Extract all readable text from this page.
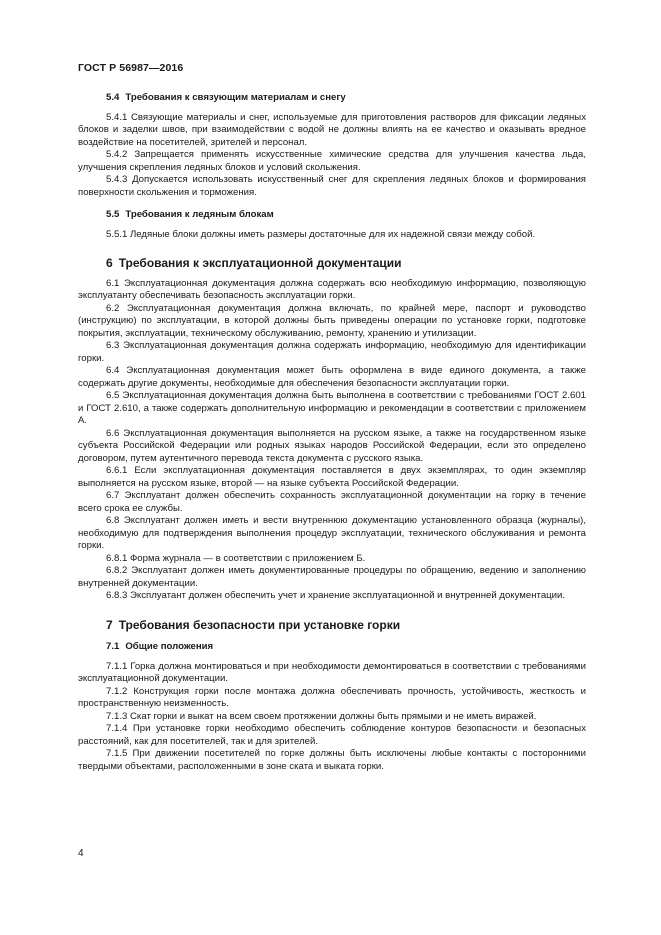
ГОСТ Р 56987—2016
5.4 Требования к связующим материалам и снегу

5.4.1 Связующие материалы и снег, используемые для приготовления растворов для фиксации ледяных блоков и заделки швов, при взаимодействии с водой не должны влиять на ее качество и оказывать вредное воздействие на посетителей, зрителей и персонал.

5.4.2 Запрещается применять искусственные химические средства для улучшения качества льда, улучшения скрепления ледяных блоков и условий скольжения.

5.4.3 Допускается использовать искусственный снег для скрепления ледяных блоков и формирования поверхности скольжения и торможения.

5.5 Требования к ледяным блокам

5.5.1 Ледяные блоки должны иметь размеры достаточные для их надежной связи между собой.

6 Требования к эксплуатационной документации

6.1 Эксплуатационная документация должна содержать всю необходимую информацию, позволяющую эксплуатанту обеспечивать безопасность эксплуатации горки.

6.2 Эксплуатационная документация должна включать, по крайней мере, паспорт и руководство (инструкцию) по эксплуатации, в которой должны быть приведены операции по установке горки, подготовке покрытия, эксплуатации, техническому обслуживанию, ремонту, хранению и утилизации.

6.3 Эксплуатационная документация должна содержать информацию, необходимую для идентификации горки.

6.4 Эксплуатационная документация может быть оформлена в виде единого документа, а также содержать другие документы, необходимые для обеспечения безопасности эксплуатации горки.

6.5 Эксплуатационная документация должна быть выполнена в соответствии с требованиями ГОСТ 2.601 и ГОСТ 2.610, а также содержать дополнительную информацию и рекомендации в соответствии с приложением А.

6.6 Эксплуатационная документация выполняется на русском языке, а также на государственном языке субъекта Российской Федерации или родных языках народов Российской Федерации, если это определено договором, путем аутентичного перевода текста документа с русского языка.

6.6.1 Если эксплуатационная документация поставляется в двух экземплярах, то один экземпляр выполняется на русском языке, второй — на языке субъекта Российской Федерации.

6.7 Эксплуатант должен обеспечить сохранность эксплуатационной документации на горку в течение всего срока ее службы.

6.8 Эксплуатант должен иметь и вести внутреннюю документацию установленного образца (журналы), необходимую для подтверждения выполнения процедур эксплуатации, технического обслуживания и ремонта горки.

6.8.1 Форма журнала — в соответствии с приложением Б.

6.8.2 Эксплуатант должен иметь документированные процедуры по обращению, ведению и заполнению внутренней документации.

6.8.3 Эксплуатант должен обеспечить учет и хранение эксплуатационной и внутренней документации.

7 Требования безопасности при установке горки
7.1 Общие положения

7.1.1 Горка должна монтироваться и при необходимости демонтироваться в соответствии с требованиями эксплуатационной документации.

7.1.2 Конструкция горки после монтажа должна обеспечивать прочность, устойчивость, жесткость и пространственную неизменность.

7.1.3 Скат горки и выкат на всем своем протяжении должны быть прямыми и не иметь виражей.

7.1.4 При установке горки необходимо обеспечить соблюдение контуров безопасности и безопасных расстояний, как для посетителей, так и для зрителей.

7.1.5 При движении посетителей по горке должны быть исключены любые контакты с посторонними твердыми объектами, расположенными в зоне ската и выката горки.

4
